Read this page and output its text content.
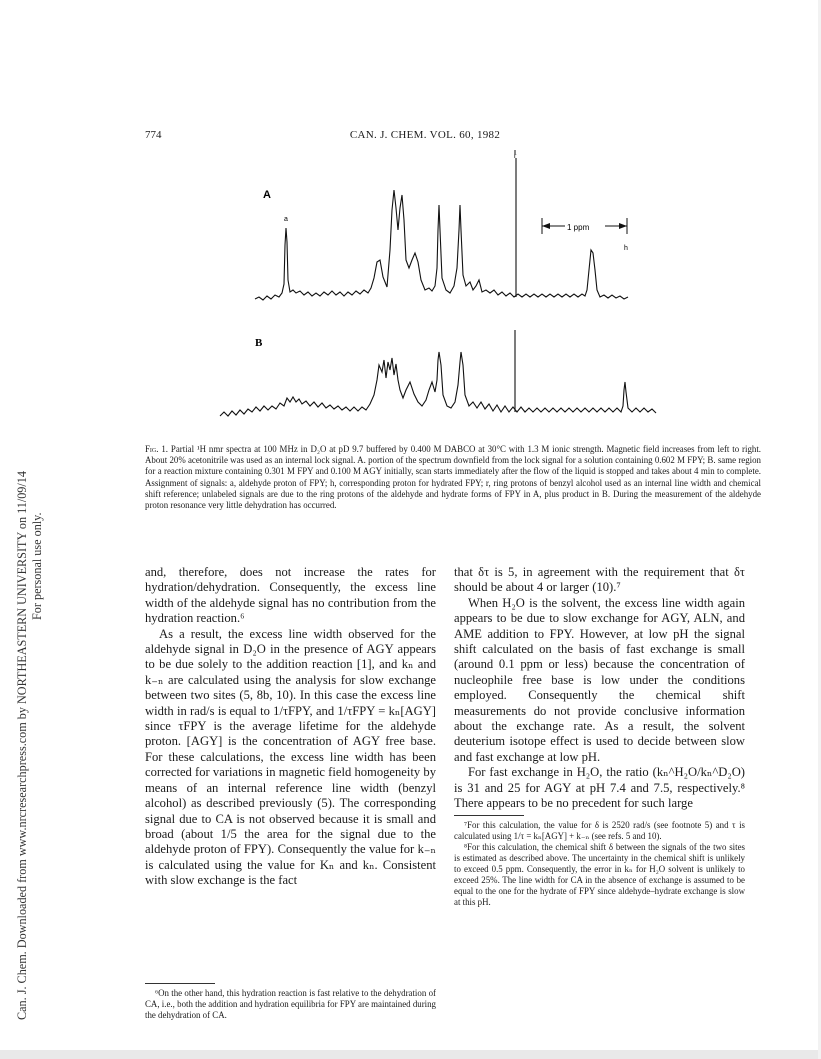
Can. J. Chem. Downloaded from www.nrcresearchpress.com by NORTHEASTERN UNIVERSITY on 11/09/14 For personal use only.
774	CAN. J. CHEM. VOL. 60, 1982
1 ppm
A
a
h
r
B
Fig. 1. Partial ¹H nmr spectra at 100 MHz in D₂O at pD 9.7 buffered by 0.400 M DABCO at 30°C with 1.3 M ionic strength. Magnetic field increases from left to right. About 20% acetonitrile was used as an internal lock signal. A. portion of the spectrum downfield from the lock signal for a solution containing 0.602 M FPY; B. same region for a reaction mixture containing 0.301 M FPY and 0.100 M AGY initially, scan starts immediately after the flow of the liquid is stopped and takes about 4 min to complete. Assignment of signals: a, aldehyde proton of FPY; h, corresponding proton for hydrated FPY; r, ring protons of benzyl alcohol used as an internal line width and chemical shift reference; unlabeled signals are due to the ring protons of the aldehyde and hydrate forms of FPY in A, plus product in B. During the measurement of the aldehyde proton resonance very little dehydration has occurred.

and, therefore, does not increase the rates for hydration/dehydration. Consequently, the excess line width of the aldehyde signal has no contribution from the hydration reaction.⁶

As a result, the excess line width observed for the aldehyde signal in D₂O in the presence of AGY appears to be due solely to the addition reaction [1], and kₙ and k₋ₙ are calculated using the analysis for slow exchange between two sites (5, 8b, 10). In this case the excess line width in rad/s is equal to 1/τFPY, and 1/τFPY = kₙ[AGY] since τFPY is the average lifetime for the aldehyde proton. [AGY] is the concentration of AGY free base. For these calculations, the excess line width has been corrected for variations in magnetic field homogeneity by means of an internal reference line width (benzyl alcohol) as described previously (5). The corresponding signal due to CA is not observed because it is small and broad (about 1/5 the area for the signal due to the aldehyde proton of FPY). Consequently the value for k₋ₙ is calculated using the value for Kₙ and kₙ. Consistent with slow exchange is the fact

that δτ is 5, in agreement with the requirement that δτ should be about 4 or larger (10).⁷

When H₂O is the solvent, the excess line width again appears to be due to slow exchange for AGY, ALN, and AME addition to FPY. However, at low pH the signal shift calculated on the basis of fast exchange is small (around 0.1 ppm or less) because the concentration of nucleophile free base is low under the conditions employed. Consequently the chemical shift measurements do not provide conclusive information about the exchange rate. As a result, the solvent deuterium isotope effect is used to decide between slow and fast exchange at low pH.

For fast exchange in H₂O, the ratio (kₙ^H₂O/kₙ^D₂O) is 31 and 25 for AGY at pH 7.4 and 7.5, respectively.⁸ There appears to be no precedent for such large

⁶On the other hand, this hydration reaction is fast relative to the dehydration of CA, i.e., both the addition and hydration equilibria for FPY are maintained during the dehydration of CA.

⁷For this calculation, the value for δ is 2520 rad/s (see footnote 5) and τ is calculated using 1/τ = kₙ[AGY] + k₋ₙ (see refs. 5 and 10).

⁸For this calculation, the chemical shift δ between the signals of the two sites is estimated as described above. The uncertainty in the chemical shift is unlikely to exceed 0.5 ppm. Consequently, the error in kₙ for H₂O solvent is unlikely to exceed 25%. The line width for CA in the absence of exchange is assumed to be equal to the one for the hydrate of FPY since aldehyde–hydrate exchange is slow at this pH.
